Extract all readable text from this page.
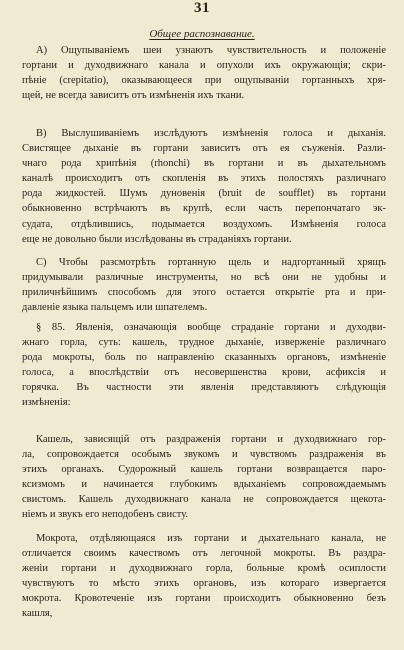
31
Общее распознавание.
A) Ощупываніемъ шеи узнаютъ чувствительность и положеніе
гортани и духодвижнаго канала и опухоли ихъ окружающія; скри-
пѣніе (crepitatio), оказывающееся при ощупываніи гортанныхъ хря-
щей, не всегда зависитъ отъ измѣненія ихъ ткани.
B) Выслушиваніемъ изслѣдуютъ измѣненія голоса и дыханія.
Свистящее дыханіе въ гортани зависитъ отъ ея съуженія. Разли-
чнаго рода хрипѣнія (rhonchi) въ гортани и въ дыхательномъ
каналѣ происходитъ отъ скопленія въ этихъ полостяхъ различнаго
рода жидкостей. Шумъ дуновенія (bruit de soufflet) въ гортани
обыкновенно встрѣчаютъ въ крупѣ, если часть перепончатаго эк-
судата, отдѣлившись, подымается воздухомъ. Измѣненія голоса
еще не довольно были изслѣдованы въ страданіяхъ гортани.
C) Чтобы разсмотрѣть гортанную щель и надгортанный хрящъ
придумывали различные инструменты, но всѣ они не удобны и
приличнѣйшимъ способомъ для этого остается открытіе рта и при-
давленіе языка пальцемъ или шпателемъ.
§ 85. Явленія, означающія вообще страданіе гортани и духодви-
жнаго горла, суть: кашель, трудное дыханіе, изверженіе различнаго
рода мокроты, боль по направленію сказанныхъ органовъ, измѣненіе
голоса, а впослѣдствіи отъ несовершенства крови, асфиксія и
горячка. Въ частности эти явленія представляютъ слѣдующія
измѣненія:
Кашель, зависящій отъ раздраженія гортани и духодвижнаго гор-
ла, сопровождается особымъ звукомъ и чувствомъ раздраженія въ
этихъ органахъ. Судорожный кашель гортани возвращается паро-
ксизмомъ и начинается глубокимъ вдыханіемъ сопровождаемымъ
свистомъ. Кашель духодвижнаго канала не сопровождается щекота-
ніемъ и звукъ его неподобенъ свисту.
Мокрота, отдѣляющаяся изъ гортани и дыхательнаго канала, не
отличается своимъ качествомъ отъ легочной мокроты. Въ раздра-
женіи гортани и духодвижнаго горла, больные кромѣ осиплости
чувствуютъ то мѣсто этихъ органовъ, изъ котораго извергается
мокрота. Кровотеченіе изъ гортани происходитъ обыкновенно безъ
кашля,
